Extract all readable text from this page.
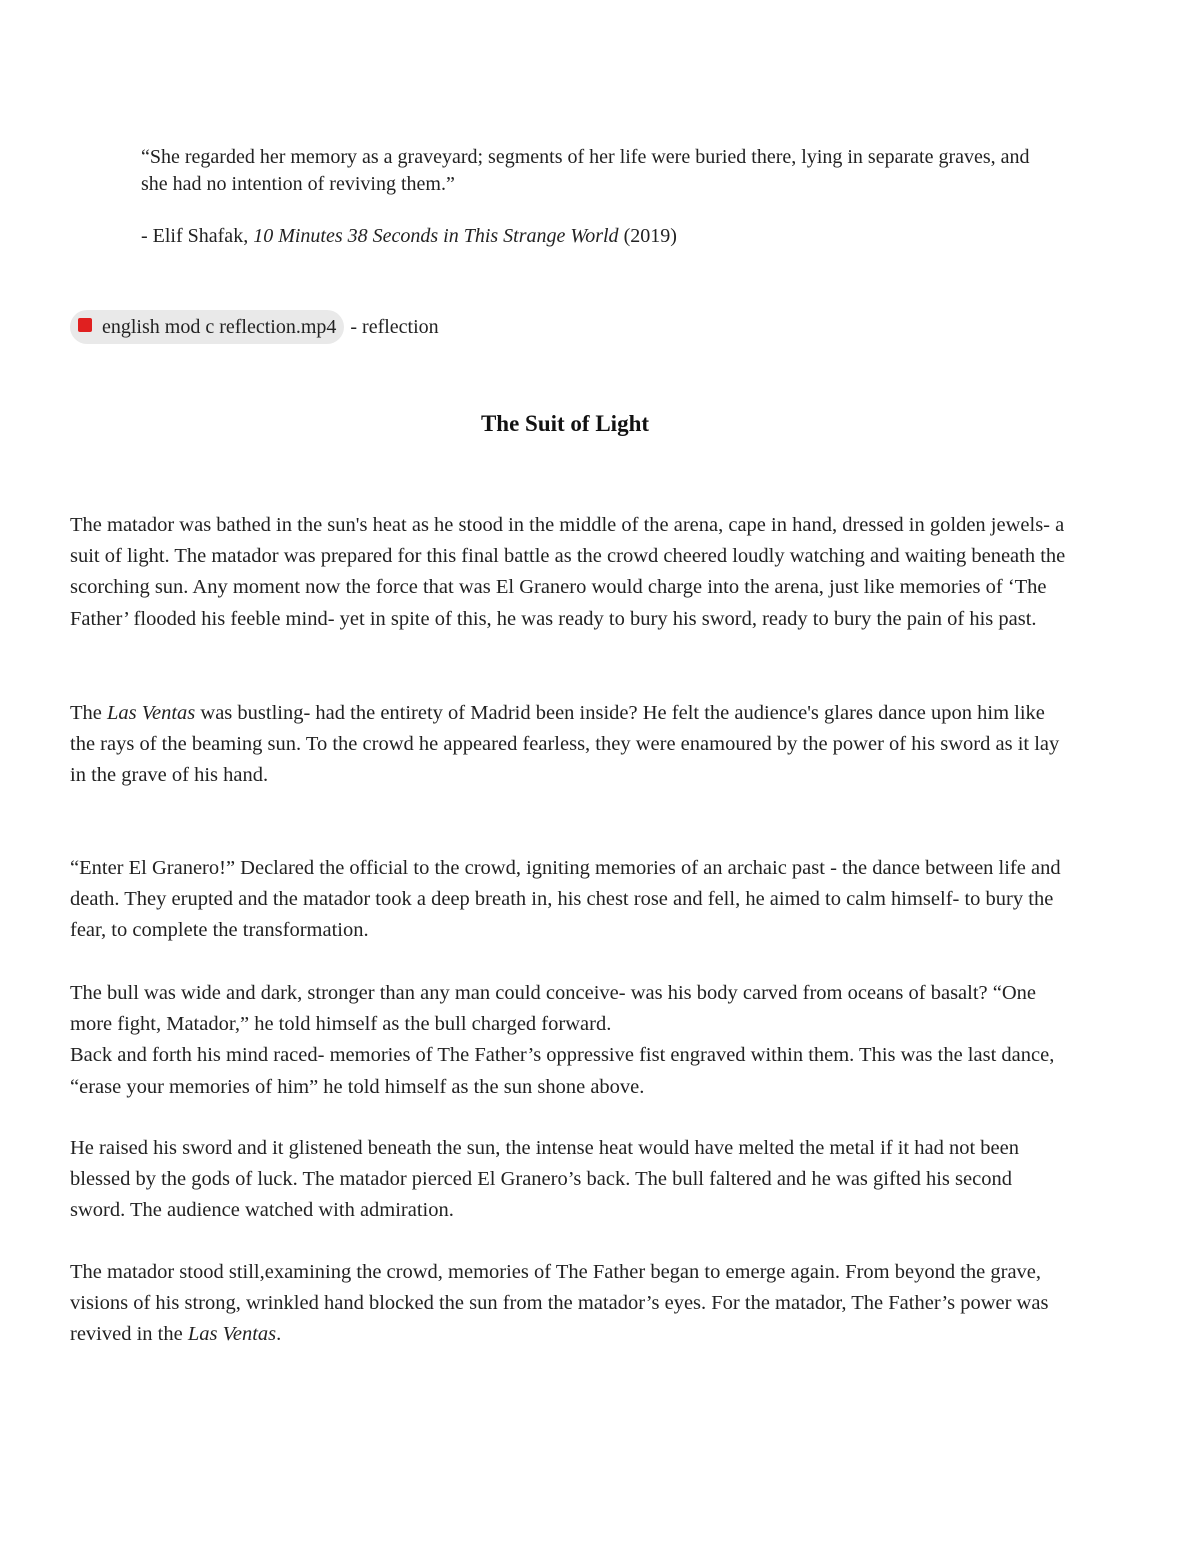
“She regarded her memory as a graveyard; segments of her life were buried there, lying in separate graves, and she had no intention of reviving them.”
- Elif Shafak, 10 Minutes 38 Seconds in This Strange World (2019)
english mod c reflection.mp4 - reflection
The Suit of Light

The matador was bathed in the sun's heat as he stood in the middle of the arena, cape in hand, dressed in golden jewels- a suit of light. The matador was prepared for this final battle as the crowd cheered loudly watching and waiting beneath the scorching sun. Any moment now the force that was El Granero would charge into the arena, just like memories of ‘The Father’ flooded his feeble mind- yet in spite of this, he was ready to bury his sword, ready to bury the pain of his past.

The Las Ventas was bustling- had the entirety of Madrid been inside? He felt the audience's glares dance upon him like the rays of the beaming sun. To the crowd he appeared fearless, they were enamoured by the power of his sword as it lay in the grave of his hand.

“Enter El Granero!” Declared the official to the crowd, igniting memories of an archaic past - the dance between life and death. They erupted and the matador took a deep breath in, his chest rose and fell, he aimed to calm himself- to bury the fear, to complete the transformation.

The bull was wide and dark, stronger than any man could conceive- was his body carved from oceans of basalt? “One more fight, Matador,” he told himself as the bull charged forward.
Back and forth his mind raced- memories of The Father’s oppressive fist engraved within them. This was the last dance, “erase your memories of him” he told himself as the sun shone above.

He raised his sword and it glistened beneath the sun, the intense heat would have melted the metal if it had not been blessed by the gods of luck. The matador pierced El Granero’s back. The bull faltered and he was gifted his second sword. The audience watched with admiration.

The matador stood still,examining the crowd, memories of The Father began to emerge again. From beyond the grave, visions of his strong, wrinkled hand blocked the sun from the matador’s eyes. For the matador, The Father’s power was revived in the Las Ventas.
